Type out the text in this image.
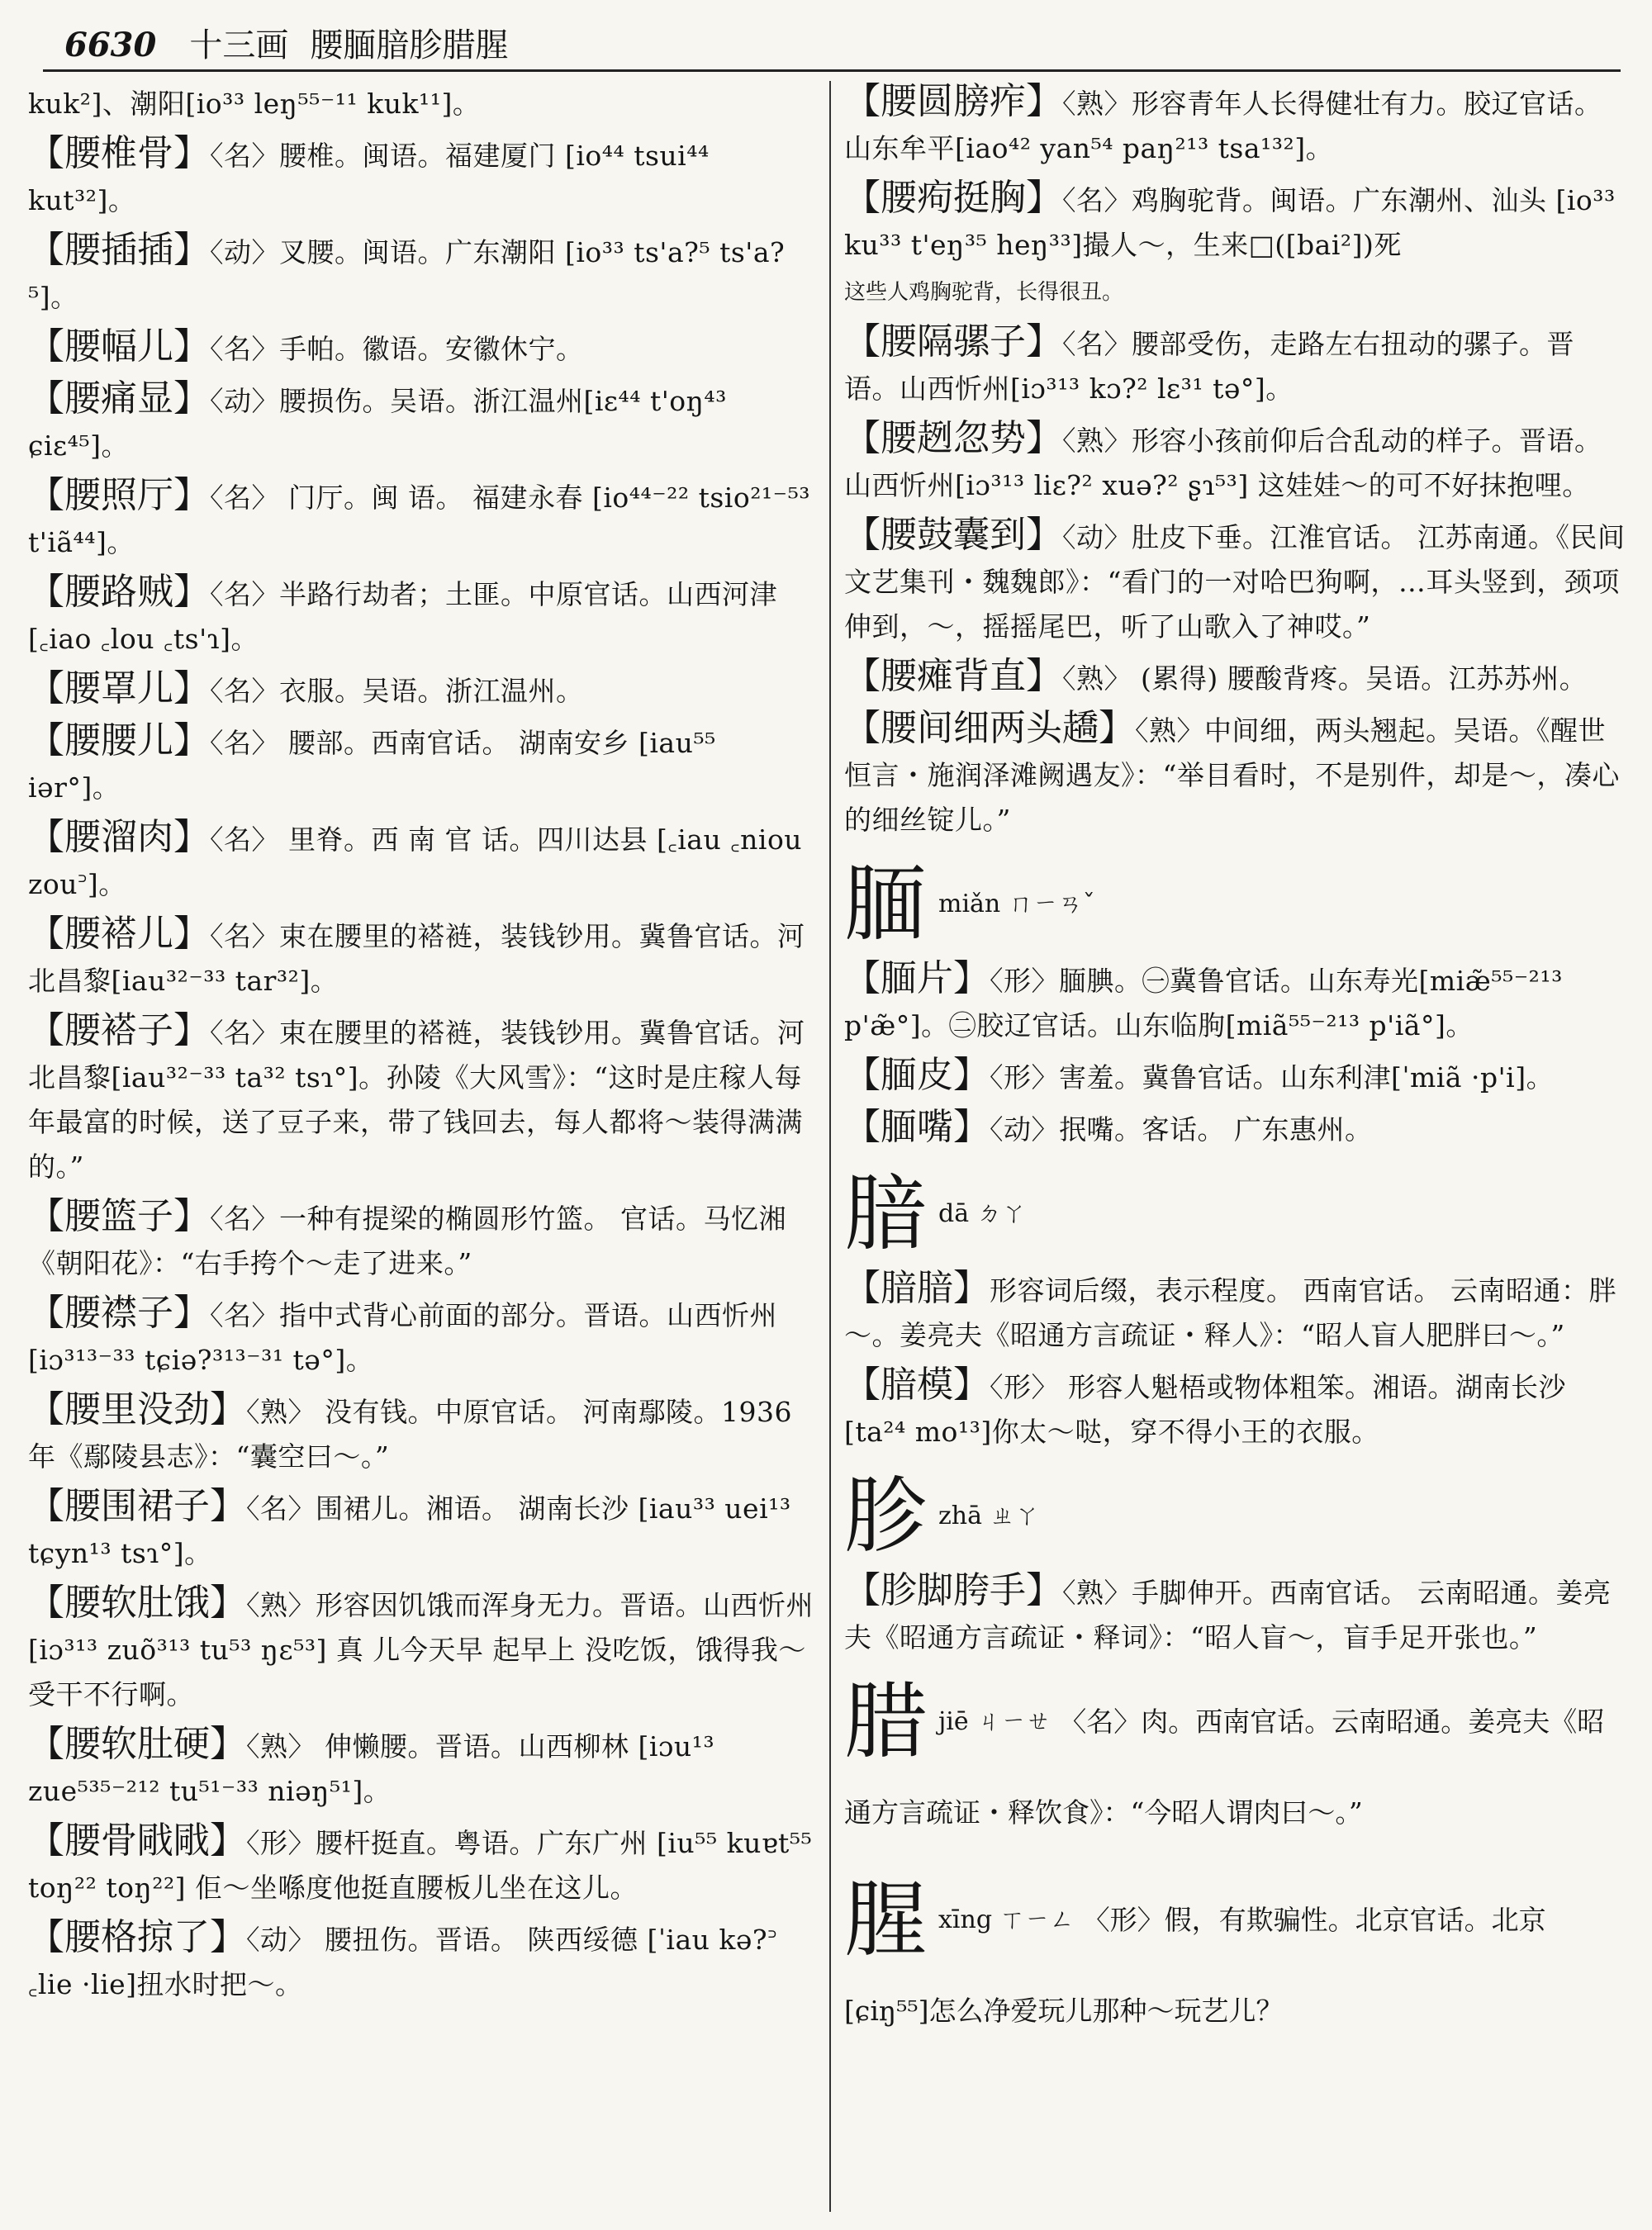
6630 十三画 腰腼腤胗腊腥
kuk²]、潮阳[io³³ leŋ⁵⁵⁻¹¹ kuk¹¹]。
【腰椎骨】〈名〉腰椎。闽语。福建厦门 [io⁴⁴ tsui⁴⁴ kut³²]。
【腰插插】〈动〉叉腰。闽语。广东潮阳 [io³³ ts'a?⁵ ts'a?⁵]。
【腰幅儿】〈名〉手帕。徽语。安徽休宁。
【腰痛显】〈动〉腰损伤。吴语。浙江温州[iɛ⁴⁴ t'oŋ⁴³ ɕiɛ⁴⁵]。
【腰照厅】〈名〉 门厅。闽 语。 福建永春 [io⁴⁴⁻²² tsio²¹⁻⁵³ t'iã⁴⁴]。
【腰路贼】〈名〉半路行劫者；土匪。中原官话。山西河津[꜀iao ꜀lou ꜀ts'ɿ]。
【腰罩儿】〈名〉衣服。吴语。浙江温州。
【腰腰儿】〈名〉 腰部。西南官话。 湖南安乡 [iau⁵⁵ iər°]。
【腰溜肉】〈名〉 里脊。西 南 官 话。四川达县 [꜀iau ꜀niou zou꜄]。
【腰褡儿】〈名〉束在腰里的褡裢，装钱钞用。冀鲁官话。河北昌黎[iau³²⁻³³ tar³²]。
【腰褡子】〈名〉束在腰里的褡裢，装钱钞用。冀鲁官话。河北昌黎[iau³²⁻³³ ta³² tsɿ°]。孙陵《大风雪》：“这时是庄稼人每年最富的时候，送了豆子来，带了钱回去，每人都将～装得满满的。”
【腰篮子】〈名〉一种有提梁的椭圆形竹篮。 官话。马忆湘《朝阳花》：“右手挎个～走了进来。”
【腰襟子】〈名〉指中式背心前面的部分。晋语。山西忻州[iɔ³¹³⁻³³ tɕiə?³¹³⁻³¹ tə°]。
【腰里没劲】〈熟〉 没有钱。中原官话。 河南鄢陵。1936年《鄢陵县志》：“囊空曰～。”
【腰围裙子】〈名〉围裙儿。湘语。 湖南长沙 [iau³³ uei¹³ tɕyn¹³ tsɿ°]。
【腰软肚饿】〈熟〉形容因饥饿而浑身无力。晋语。山西忻州[iɔ³¹³ zuõ³¹³ tu⁵³ ŋɛ⁵³] 真 儿今天早 起早上 没吃饭，饿得我～受干不行啊。
【腰软肚硬】〈熟〉 伸懒腰。晋语。山西柳林 [iɔu¹³ zue⁵³⁵⁻²¹² tu⁵¹⁻³³ niəŋ⁵¹]。
【腰骨戙戙】〈形〉腰杆挺直。粤语。广东广州 [iu⁵⁵ kuɐt⁵⁵ toŋ²² toŋ²²] 佢～坐喺度他挺直腰板儿坐在这儿。
【腰格掠了】〈动〉 腰扭伤。晋语。 陕西绥德 [ˈiau kə?꜄ ꜀lie ·lie]扭水时把～。
【腰圆膀痄】〈熟〉形容青年人长得健壮有力。胶辽官话。山东牟平[iao⁴² yan⁵⁴ paŋ²¹³ tsa¹³²]。
【腰痀挺胸】〈名〉鸡胸驼背。闽语。广东潮州、汕头 [io³³ ku³³ t'eŋ³⁵ heŋ³³]撮人～，生来□([bai²])死
这些人鸡胸驼背，长得很丑。
【腰隔骡子】〈名〉腰部受伤，走路左右扭动的骡子。晋语。山西忻州[iɔ³¹³ kɔ?² lɛ³¹ tə°]。
【腰趔忽势】〈熟〉形容小孩前仰后合乱动的样子。晋语。山西忻州[iɔ³¹³ liɛ?² xuə?² ʂɿ⁵³] 这娃娃～的可不好抹抱哩。
【腰鼓囊到】〈动〉肚皮下垂。江淮官话。 江苏南通。《民间文艺集刊・魏魏郎》：“看门的一对哈巴狗啊，…耳头竖到，颈项伸到，～，摇摇尾巴，听了山歌入了神哎。”
【腰瘫背直】〈熟〉 (累得) 腰酸背疼。吴语。江苏苏州。
【腰间细两头趫】〈熟〉中间细，两头翘起。吴语。《醒世恒言・施润泽滩阙遇友》：“举目看时，不是别件，却是～，凑心的细丝锭儿。”
腼miǎn ㄇㄧㄢˇ
【腼片】〈形〉腼腆。㊀冀鲁官话。山东寿光[miæ̃⁵⁵⁻²¹³ p'æ̃°]。㊁胶辽官话。山东临朐[miã⁵⁵⁻²¹³ p'iã°]。
【腼皮】〈形〉害羞。冀鲁官话。山东利津[ˈmiã ·p'i]。
【腼嘴】〈动〉抿嘴。客话。 广东惠州。
腤dā ㄉㄚ
【腤腤】形容词后缀，表示程度。 西南官话。 云南昭通：胖～。姜亮夫《昭通方言疏证・释人》：“昭人盲人肥胖曰～。”
【腤模】〈形〉 形容人魁梧或物体粗笨。湘语。湖南长沙[ta²⁴ mo¹³]你太～哒，穿不得小王的衣服。
胗zhā ㄓㄚ
【胗脚胯手】〈熟〉手脚伸开。西南官话。 云南昭通。姜亮夫《昭通方言疏证・释词》：“昭人盲～，盲手足开张也。”
腊jiē ㄐㄧㄝ 〈名〉肉。西南官话。云南昭通。姜亮夫《昭通方言疏证・释饮食》：“今昭人谓肉曰～。”
腥xīng ㄒㄧㄥ 〈形〉假，有欺骗性。北京官话。北京 [ɕiŋ⁵⁵]怎么净爱玩儿那种～玩艺儿？
